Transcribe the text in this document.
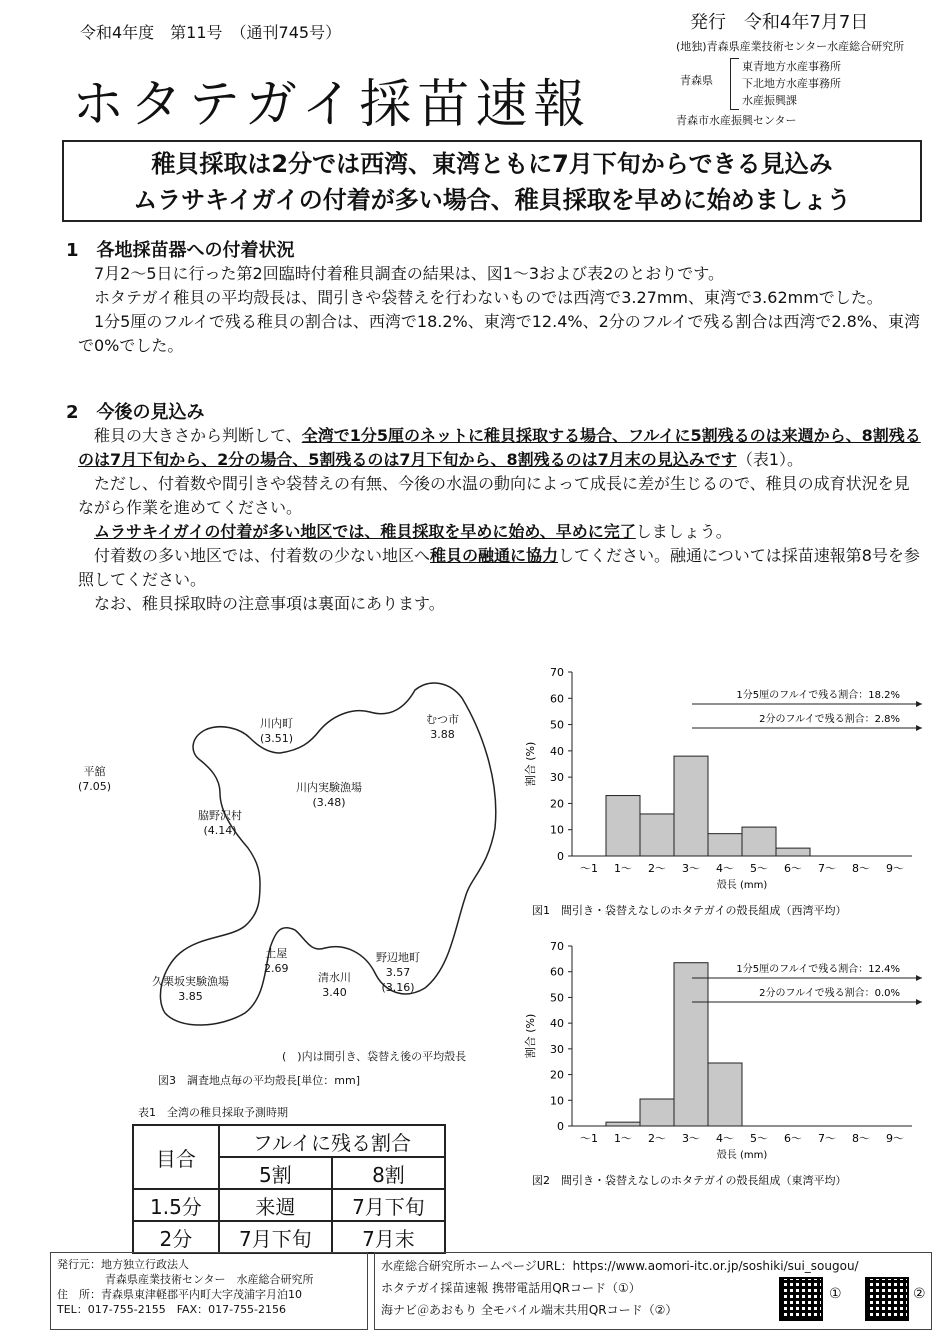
令和4年度　第11号　（通刊745号）	発行　令和4年7月7日
(地独)青森県産業技術センター水産総合研究所
青森県
東青地方水産事務所
下北地方水産事務所
水産振興課
青森市水産振興センター
ホタテガイ採苗速報
稚貝採取は2分では西湾、東湾ともに7月下旬からできる見込み
ムラサキイガイの付着が多い場合、稚貝採取を早めに始めましょう
1　各地採苗器への付着状況
7月2～5日に行った第2回臨時付着稚貝調査の結果は、図1～3および表2のとおりです。
ホタテガイ稚貝の平均殻長は、間引きや袋替えを行わないものでは西湾で3.27mm、東湾で3.62mmでした。
1分5厘のフルイで残る稚貝の割合は、西湾で18.2%、東湾で12.4%、2分のフルイで残る割合は西湾で2.8%、東湾で0%でした。
2　今後の見込み
稚貝の大きさから判断して、全湾で1分5厘のネットに稚貝採取する場合、フルイに5割残るのは来週から、8割残るのは7月下旬から、2分の場合、5割残るのは7月下旬から、8割残るのは7月末の見込みです（表1）。
ただし、付着数や間引きや袋替えの有無、今後の水温の動向によって成長に差が生じるので、稚貝の成育状況を見ながら作業を進めてください。
ムラサキイガイの付着が多い地区では、稚貝採取を早めに始め、早めに完了しましょう。
付着数の多い地区では、付着数の少ない地区へ稚貝の融通に協力してください。融通については採苗速報第8号を参照してください。
なお、稚貝採取時の注意事項は裏面にあります。
川内町
(3.51)
むつ市
3.88
平舘
(7.05)	川内実験漁場
(3.48)
脇野沢村
(4.14)
土屋
2.69
野辺地町
3.57
(3.16)
清水川
3.40
久栗坂実験漁場
3.85
(　)内は間引き、袋替え後の平均殻長
図3　調査地点毎の平均殻長[単位：mm]
表1　全湾の稚貝採取予測時期
目合	フルイに残る割合	
	5割	8割
1.5分	来週	7月下旬
2分	7月下旬	7月末
0
10
20
30
40
50
60
70
～1 1～ 2～ 3～ 4～ 5～ 6～ 7～ 8～ 9～
殻長 (mm)
割合 (%)
1分5厘のフルイで残る割合：18.2%
2分のフルイで残る割合：2.8%
図1　間引き・袋替えなしのホタテガイの殻長組成（西湾平均）
0
10
20
30
40
50
60
70
～1 1～ 2～ 3～ 4～ 5～ 6～ 7～ 8～ 9～
殻長 (mm)
割合 (%)
1分5厘のフルイで残る割合：12.4%
2分のフルイで残る割合：0.0%
図2　間引き・袋替えなしのホタテガイの殻長組成（東湾平均）
発行元：地方独立行政法人
青森県産業技術センター　水産総合研究所
住　所：青森県東津軽郡平内町大字茂浦字月泊10
TEL：017-755-2155　FAX：017-755-2156
水産総合研究所ホームページURL：https://www.aomori-itc.or.jp/soshiki/sui_sougou/
ホタテガイ採苗速報 携帯電話用QRコード（①）
海ナビ＠あおもり 全モバイル端末共用QRコード（②）
①	②
